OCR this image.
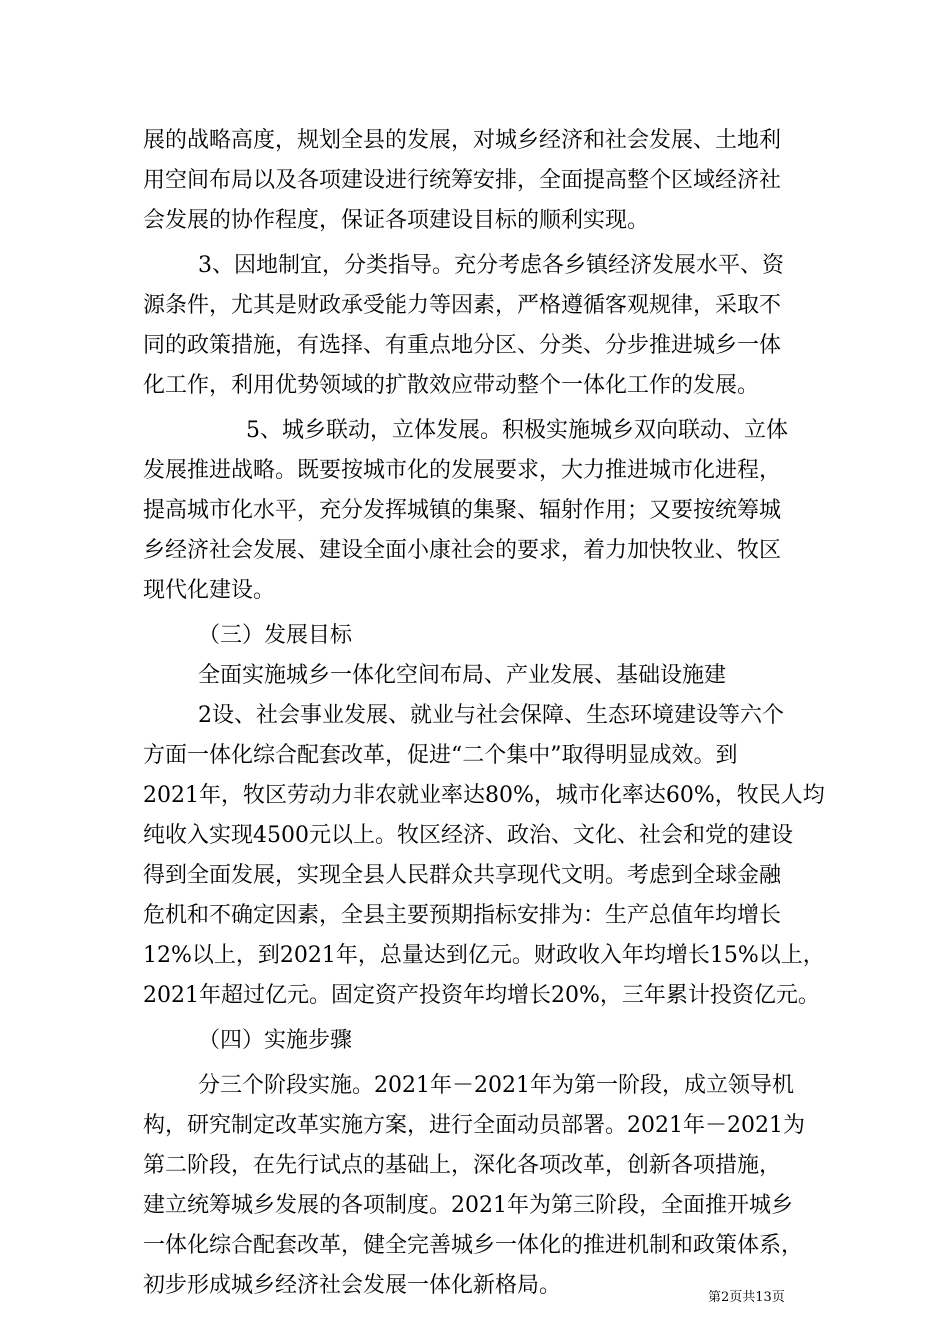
展的战略高度，规划全县的发展，对城乡经济和社会发展、土地利
用空间布局以及各项建设进行统筹安排，全面提高整个区域经济社
会发展的协作程度，保证各项建设目标的顺利实现。
3、因地制宜，分类指导。充分考虑各乡镇经济发展水平、资
源条件，尤其是财政承受能力等因素，严格遵循客观规律，采取不
同的政策措施，有选择、有重点地分区、分类、分步推进城乡一体
化工作，利用优势领域的扩散效应带动整个一体化工作的发展。
5、城乡联动，立体发展。积极实施城乡双向联动、立体
发展推进战略。既要按城市化的发展要求，大力推进城市化进程，
提高城市化水平，充分发挥城镇的集聚、辐射作用；又要按统筹城
乡经济社会发展、建设全面小康社会的要求，着力加快牧业、牧区
现代化建设。
（三）发展目标
全面实施城乡一体化空间布局、产业发展、基础设施建
2设、社会事业发展、就业与社会保障、生态环境建设等六个
方面一体化综合配套改革，促进“二个集中”取得明显成效。到
2021年，牧区劳动力非农就业率达80%，城市化率达60%，牧民人均
纯收入实现4500元以上。牧区经济、政治、文化、社会和党的建设
得到全面发展，实现全县人民群众共享现代文明。考虑到全球金融
危机和不确定因素，全县主要预期指标安排为：生产总值年均增长
12%以上，到2021年，总量达到亿元。财政收入年均增长15%以上，
2021年超过亿元。固定资产投资年均增长20%，三年累计投资亿元。
（四）实施步骤
分三个阶段实施。2021年－2021年为第一阶段，成立领导机
构，研究制定改革实施方案，进行全面动员部署。2021年－2021为
第二阶段，在先行试点的基础上，深化各项改革，创新各项措施，
建立统筹城乡发展的各项制度。2021年为第三阶段，全面推开城乡
一体化综合配套改革，健全完善城乡一体化的推进机制和政策体系，
初步形成城乡经济社会发展一体化新格局。	第2页共13页
